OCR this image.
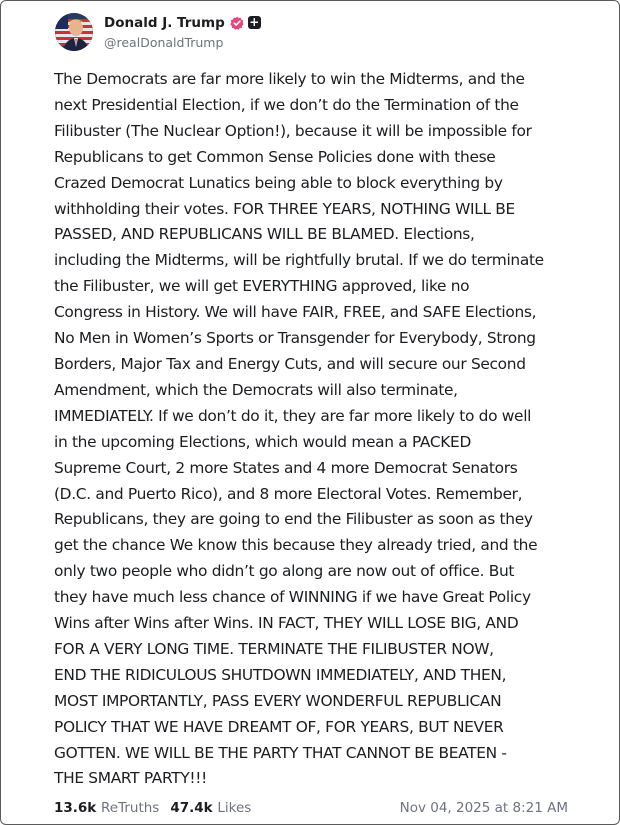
Donald J. Trump +
@realDonaldTrump

The Democrats are far more likely to win the Midterms, and the
next Presidential Election, if we don’t do the Termination of the
Filibuster (The Nuclear Option!), because it will be impossible for
Republicans to get Common Sense Policies done with these
Crazed Democrat Lunatics being able to block everything by
withholding their votes. FOR THREE YEARS, NOTHING WILL BE
PASSED, AND REPUBLICANS WILL BE BLAMED. Elections,
including the Midterms, will be rightfully brutal. If we do terminate
the Filibuster, we will get EVERYTHING approved, like no
Congress in History. We will have FAIR, FREE, and SAFE Elections,
No Men in Women’s Sports or Transgender for Everybody, Strong
Borders, Major Tax and Energy Cuts, and will secure our Second
Amendment, which the Democrats will also terminate,
IMMEDIATELY. If we don’t do it, they are far more likely to do well
in the upcoming Elections, which would mean a PACKED
Supreme Court, 2 more States and 4 more Democrat Senators
(D.C. and Puerto Rico), and 8 more Electoral Votes. Remember,
Republicans, they are going to end the Filibuster as soon as they
get the chance We know this because they already tried, and the
only two people who didn’t go along are now out of office. But
they have much less chance of WINNING if we have Great Policy
Wins after Wins after Wins. IN FACT, THEY WILL LOSE BIG, AND
FOR A VERY LONG TIME. TERMINATE THE FILIBUSTER NOW,
END THE RIDICULOUS SHUTDOWN IMMEDIATELY, AND THEN,
MOST IMPORTANTLY, PASS EVERY WONDERFUL REPUBLICAN
POLICY THAT WE HAVE DREAMT OF, FOR YEARS, BUT NEVER
GOTTEN. WE WILL BE THE PARTY THAT CANNOT BE BEATEN -
THE SMART PARTY!!!

13.6k ReTruths 47.4k Likes	Nov 04, 2025 at 8:21 AM
